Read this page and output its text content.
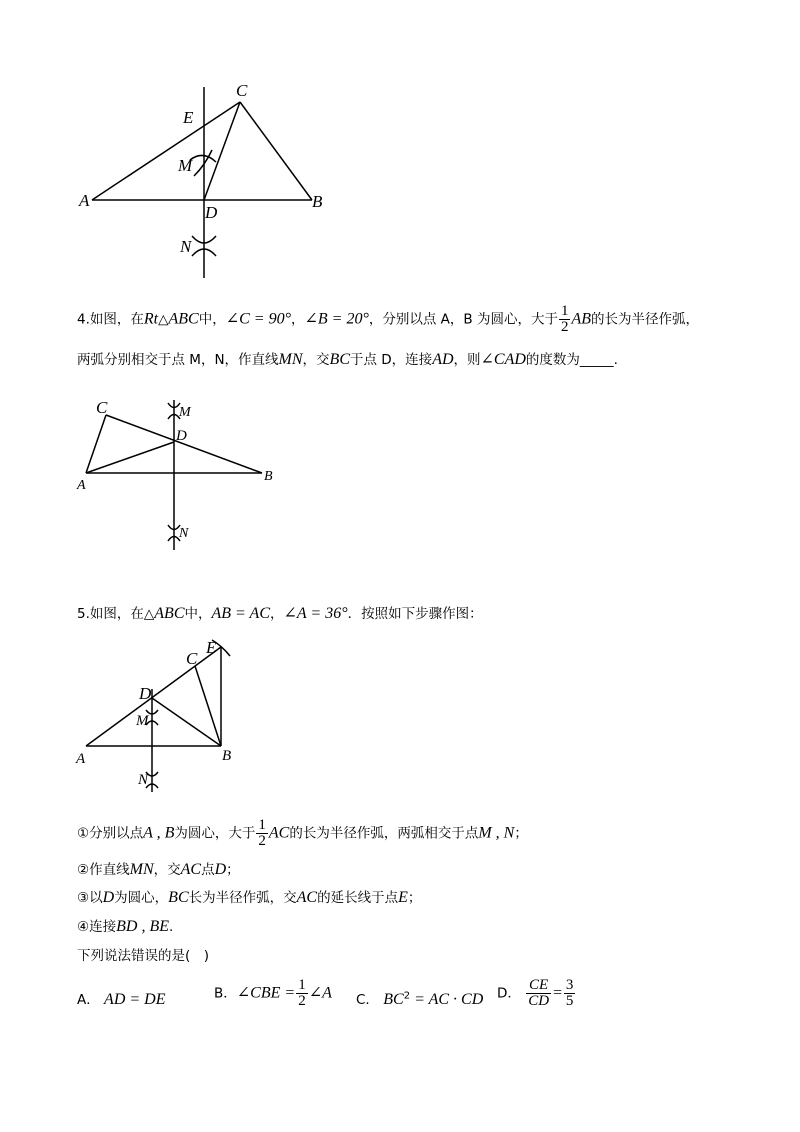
C
E
M
A
D
B
N
4.如图，在Rt△ABC中，∠C = 90°，∠B = 20°，分别以点 A，B 为圆心，大于 $\frac{1}{2}$ AB的长为半径作弧，
两弧分别相交于点 M，N，作直线MN，交BC于点 D，连接AD，则∠CAD的度数为_____.
C	M
D
A
B
N
5.如图，在△ABC中，AB = AC，∠A = 36°．按照如下步骤作图：
E
C
D
M
A	B
N
①分别以点A , B为圆心，大于 $\frac{1}{2}$ AC的长为半径作弧，两弧相交于点M , N；
②作直线MN，交AC点D；
③以D为圆心，BC长为半径作弧，交AC的延长线于点E；
④连接BD , BE.
下列说法错误的是(　)
A． AD = DE	B．∠CBE = $\frac{1}{2}$ ∠A C． $BC^2$ = AC · CD D． $\frac{CE}{CD} = \frac{3}{5}$
